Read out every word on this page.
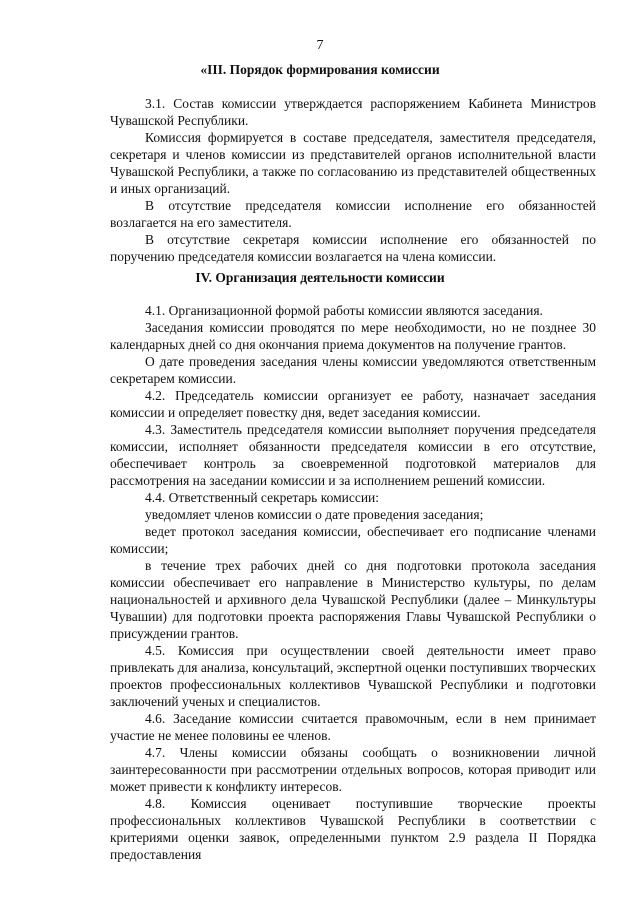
7
«III. Порядок формирования комиссии

3.1. Состав комиссии утверждается распоряжением Кабинета Министров Чувашской Республики.

Комиссия формируется в составе председателя, заместителя председателя, секретаря и членов комиссии из представителей органов исполнительной власти Чувашской Республики, а также по согласованию из представителей общественных и иных организаций.

В отсутствие председателя комиссии исполнение его обязанностей возлагается на его заместителя.

В отсутствие секретаря комиссии исполнение его обязанностей по поручению председателя комиссии возлагается на члена комиссии.

IV. Организация деятельности комиссии

4.1. Организационной формой работы комиссии являются заседания.

Заседания комиссии проводятся по мере необходимости, но не позднее 30 календарных дней со дня окончания приема документов на получение грантов.

О дате проведения заседания члены комиссии уведомляются ответственным секретарем комиссии.

4.2. Председатель комиссии организует ее работу, назначает заседания комиссии и определяет повестку дня, ведет заседания комиссии.

4.3. Заместитель председателя комиссии выполняет поручения председателя комиссии, исполняет обязанности председателя комиссии в его отсутствие, обеспечивает контроль за своевременной подготовкой материалов для рассмотрения на заседании комиссии и за исполнением решений комиссии.

4.4. Ответственный секретарь комиссии:

уведомляет членов комиссии о дате проведения заседания;

ведет протокол заседания комиссии, обеспечивает его подписание членами комиссии;

в течение трех рабочих дней со дня подготовки протокола заседания комиссии обеспечивает его направление в Министерство культуры, по делам национальностей и архивного дела Чувашской Республики (далее – Минкультуры Чувашии) для подготовки проекта распоряжения Главы Чувашской Республики о присуждении грантов.

4.5. Комиссия при осуществлении своей деятельности имеет право привлекать для анализа, консультаций, экспертной оценки поступивших творческих проектов профессиональных коллективов Чувашской Республики и подготовки заключений ученых и специалистов.

4.6. Заседание комиссии считается правомочным, если в нем принимает участие не менее половины ее членов.

4.7. Члены комиссии обязаны сообщать о возникновении личной заинтересованности при рассмотрении отдельных вопросов, которая приводит или может привести к конфликту интересов.

4.8. Комиссия оценивает поступившие творческие проекты профессиональных коллективов Чувашской Республики в соответствии с критериями оценки заявок, определенными пунктом 2.9 раздела II Порядка предоставления
